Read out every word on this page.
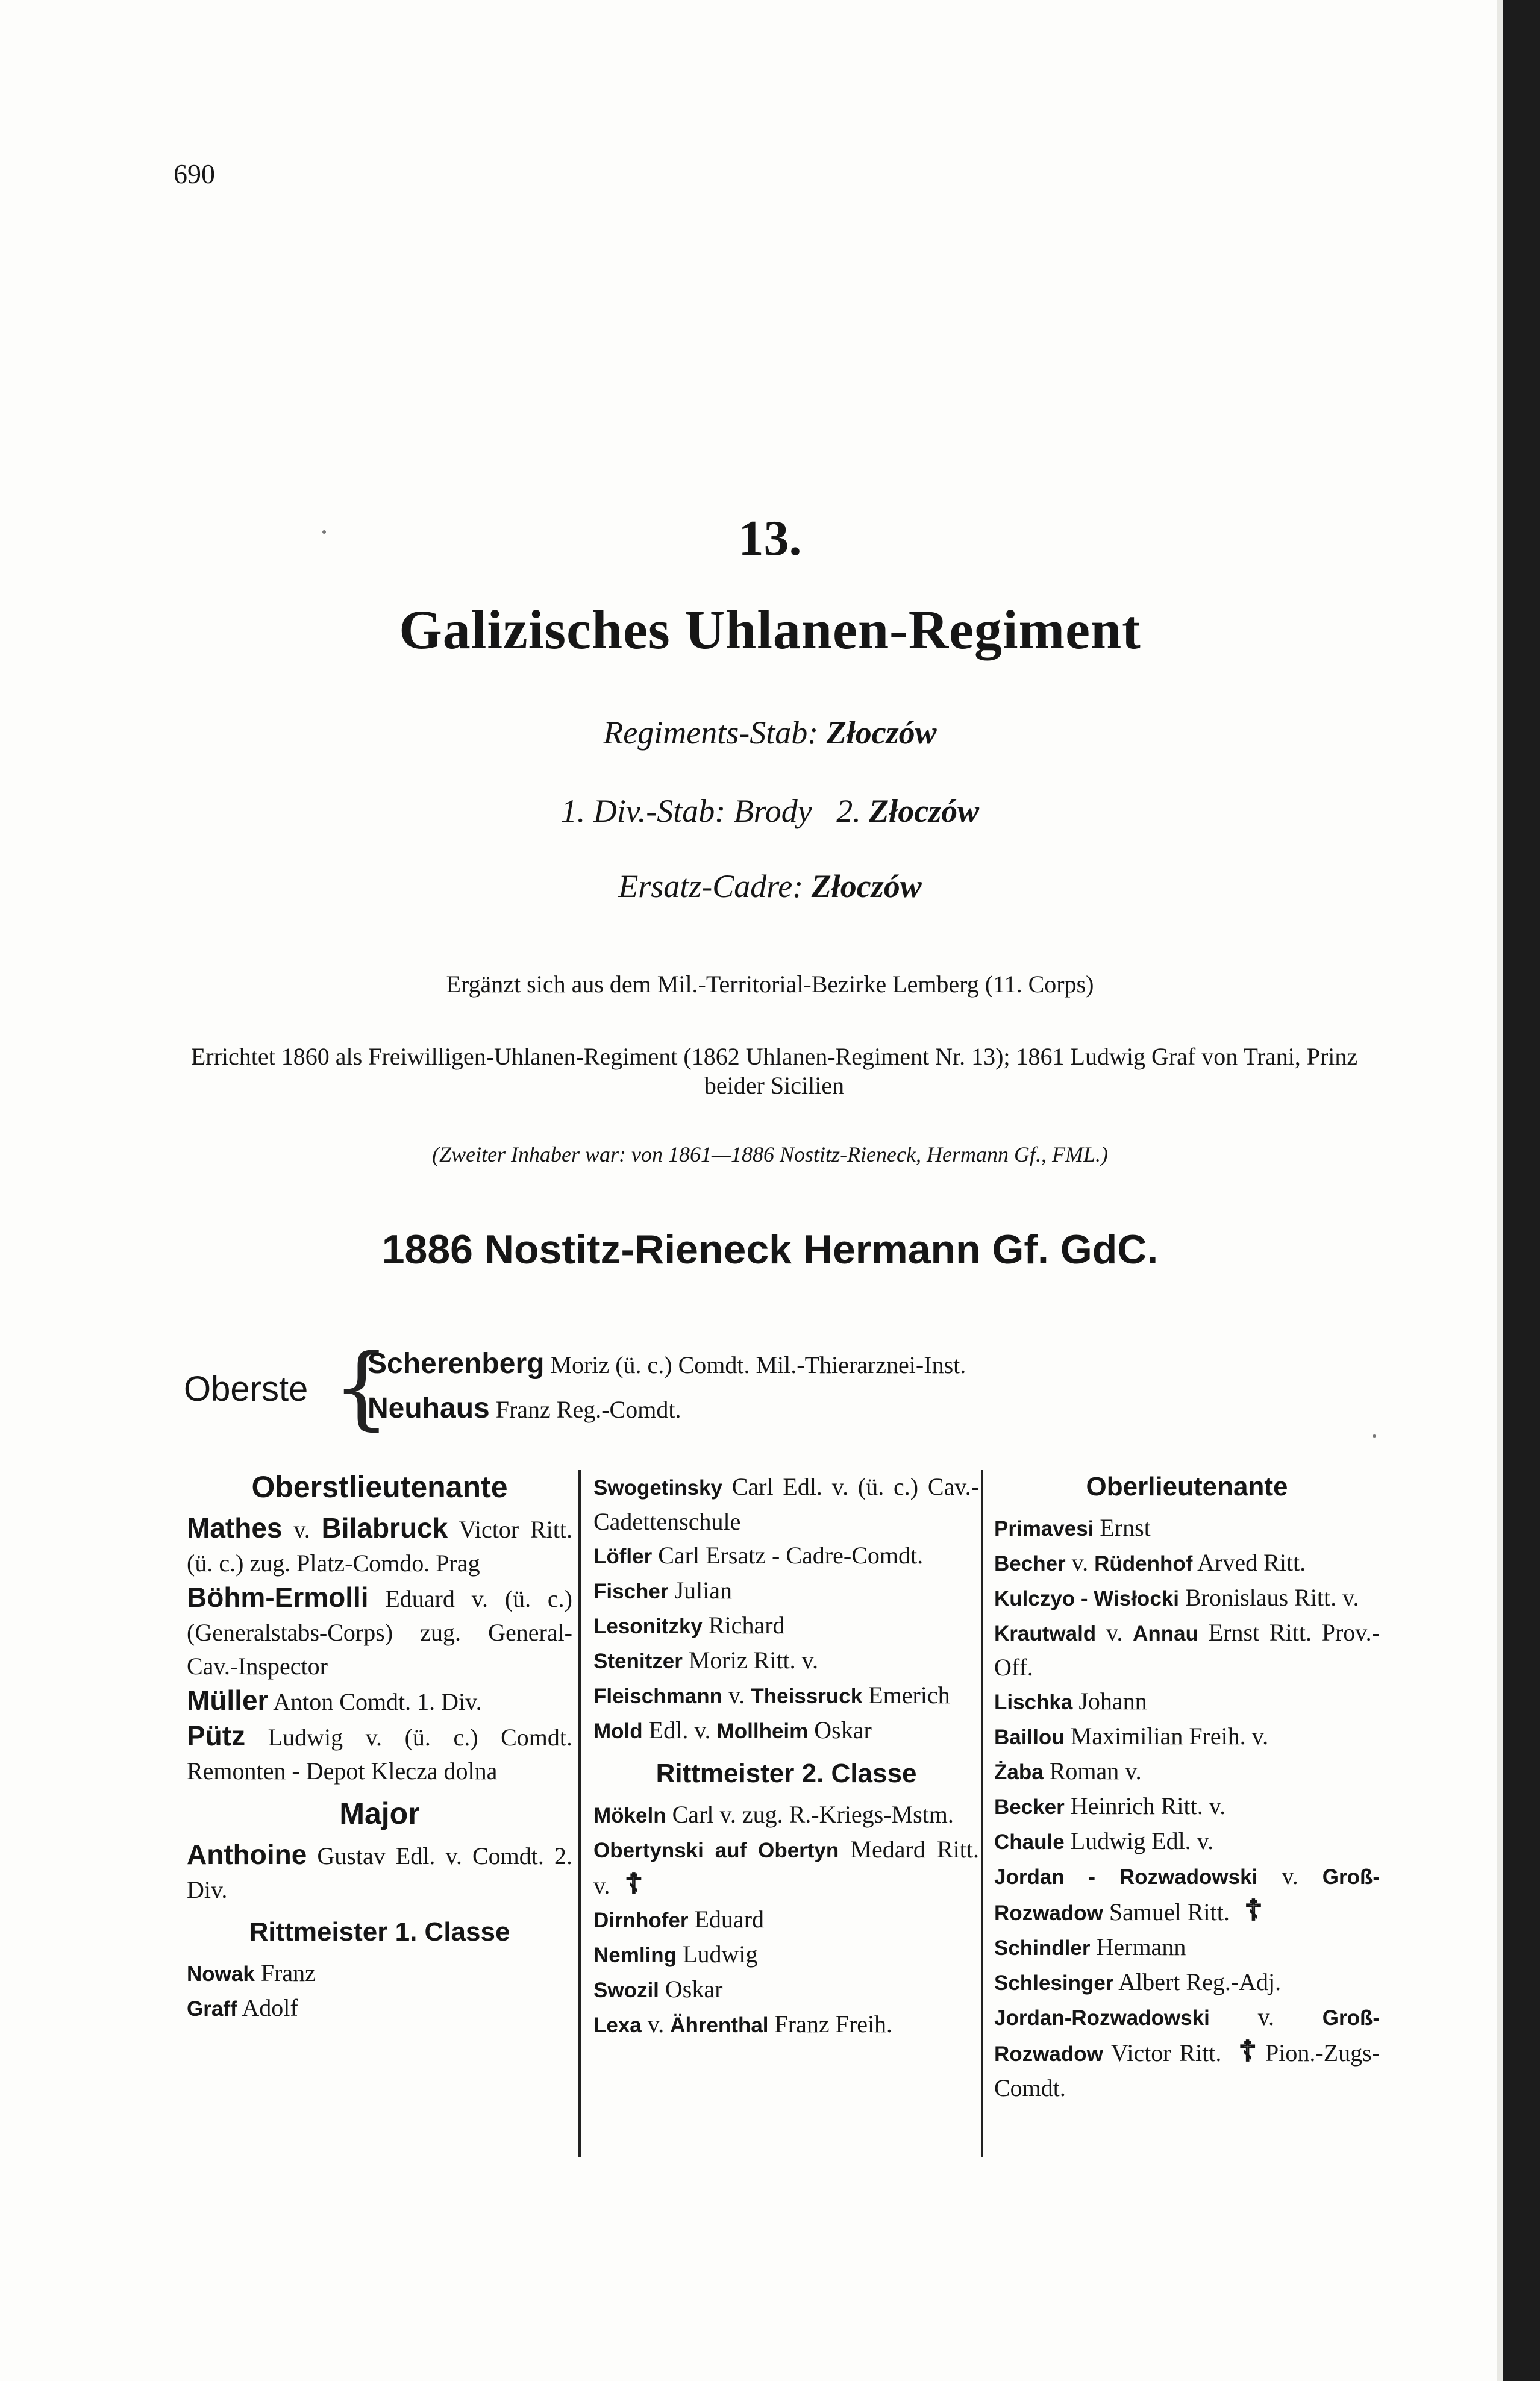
690
13.
Galizisches Uhlanen-Regiment
Regiments-Stab: Złoczów
1. Div.-Stab: Brody 2. Złoczów
Ersatz-Cadre: Złoczów
Ergänzt sich aus dem Mil.-Territorial-Bezirke Lemberg (11. Corps)
Errichtet 1860 als Freiwilligen-Uhlanen-Regiment (1862 Uhlanen-Regiment Nr. 13); 1861 Ludwig Graf von Trani, Prinz beider Sicilien
(Zweiter Inhaber war: von 1861—1886 Nostitz-Rieneck, Hermann Gf., FML.)
1886 Nostitz-Rieneck Hermann Gf. GdC.
Oberste {
Scherenberg Moriz (ü. c.) Comdt. Mil.-Thierarznei-Inst.
Neuhaus Franz Reg.-Comdt.
Oberstlieutenante
Mathes v. Bilabruck Victor Ritt. (ü. c.) zug. Platz-Comdo. Prag
Böhm-Ermolli Eduard v. (ü. c.) (Generalstabs-Corps) zug. General-Cav.-Inspector
Müller Anton Comdt. 1. Div.
Pütz Ludwig v. (ü. c.) Comdt. Remonten - Depot Klecza dolna
Major
Anthoine Gustav Edl. v. Comdt. 2. Div.
Rittmeister 1. Classe
Nowak Franz
Graff Adolf
Swogetinsky Carl Edl. v. (ü. c.) Cav.-Cadettenschule
Löfler Carl Ersatz - Cadre-Comdt.
Fischer Julian
Lesonitzky Richard
Stenitzer Moriz Ritt. v.
Fleischmann v. Theissruck Emerich
Mold Edl. v. Mollheim Oskar
Rittmeister 2. Classe
Mökeln Carl v. zug. R.-Kriegs-Mstm.
Obertynski auf Obertyn Medard Ritt. v. ☦
Dirnhofer Eduard
Nemling Ludwig
Swozil Oskar
Lexa v. Ährenthal Franz Freih.
Oberlieutenante
Primavesi Ernst
Becher v. Rüdenhof Arved Ritt.
Kulczyo - Wisłocki Bronislaus Ritt. v.
Krautwald v. Annau Ernst Ritt. Prov.-Off.
Lischka Johann
Baillou Maximilian Freih. v.
Żaba Roman v.
Becker Heinrich Ritt. v.
Chaule Ludwig Edl. v.
Jordan - Rozwadowski v. Groß-Rozwadow Samuel Ritt. ☦
Schindler Hermann
Schlesinger Albert Reg.-Adj.
Jordan-Rozwadowski v. Groß-Rozwadow Victor Ritt. ☦ Pion.-Zugs-Comdt.
